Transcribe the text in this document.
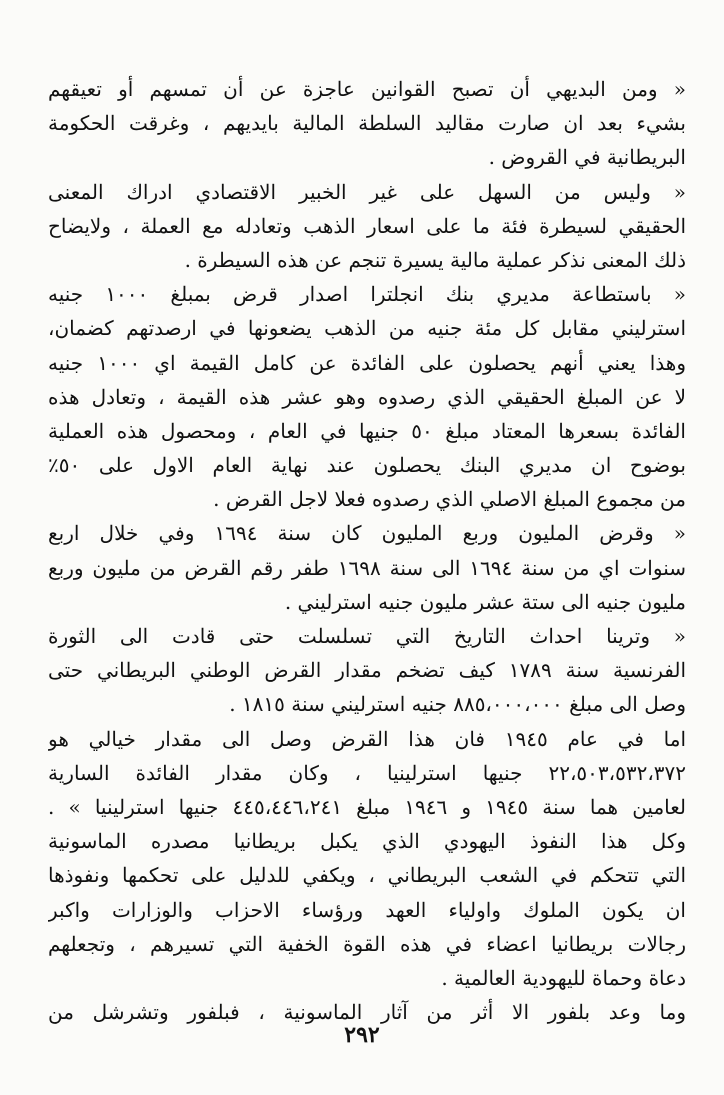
« ومن البديهي أن تصبح القوانين عاجزة عن أن تمسهم أو تعيقهم
بشيء بعد ان صارت مقاليد السلطة المالية بايديهم ، وغرقت الحكومة
البريطانية في القروض .
« وليس من السهل على غير الخبير الاقتصادي ادراك المعنى
الحقيقي لسيطرة فئة ما على اسعار الذهب وتعادله مع العملة ، ولايضاح
ذلك المعنى نذكر عملية مالية يسيرة تنجم عن هذه السيطرة .
« باستطاعة مديري بنك انجلترا اصدار قرض بمبلغ ١٠٠٠ جنيه
استرليني مقابل كل مئة جنيه من الذهب يضعونها في ارصدتهم كضمان،
وهذا يعني أنهم يحصلون على الفائدة عن كامل القيمة اي ١٠٠٠ جنيه
لا عن المبلغ الحقيقي الذي رصدوه وهو عشر هذه القيمة ، وتعادل هذه
الفائدة بسعرها المعتاد مبلغ ٥٠ جنيها في العام ، ومحصول هذه العملية
بوضوح ان مديري البنك يحصلون عند نهاية العام الاول على ٥٠٪
من مجموع المبلغ الاصلي الذي رصدوه فعلا لاجل القرض .
« وقرض المليون وربع المليون كان سنة ١٦٩٤ وفي خلال اربع
سنوات اي من سنة ١٦٩٤ الى سنة ١٦٩٨ طفر رقم القرض من مليون وربع
مليون جنيه الى ستة عشر مليون جنيه استرليني .
« وترينا احداث التاريخ التي تسلسلت حتى قادت الى الثورة
الفرنسية سنة ١٧٨٩ كيف تضخم مقدار القرض الوطني البريطاني حتى
وصل الى مبلغ ٨٨٥،٠٠٠،٠٠٠ جنيه استرليني سنة ١٨١٥ .
اما في عام ١٩٤٥ فان هذا القرض وصل الى مقدار خيالي هو
٢٢،٥٠٣،٥٣٢،٣٧٢ جنيها استرلينيا ، وكان مقدار الفائدة السارية
لعامين هما سنة ١٩٤٥ و ١٩٤٦ مبلغ ٤٤٥،٤٤٦،٢٤١ جنيها استرلينيا » .
وكل هذا النفوذ اليهودي الذي يكبل بريطانيا مصدره الماسونية
التي تتحكم في الشعب البريطاني ، ويكفي للدليل على تحكمها ونفوذها
ان يكون الملوك واولياء العهد ورؤساء الاحزاب والوزارات واكبر
رجالات بريطانيا اعضاء في هذه القوة الخفية التي تسيرهم ، وتجعلهم
دعاة وحماة لليهودية العالمية .
وما وعد بلفور الا أثر من آثار الماسونية ، فبلفور وتشرشل من
٢٩٢
